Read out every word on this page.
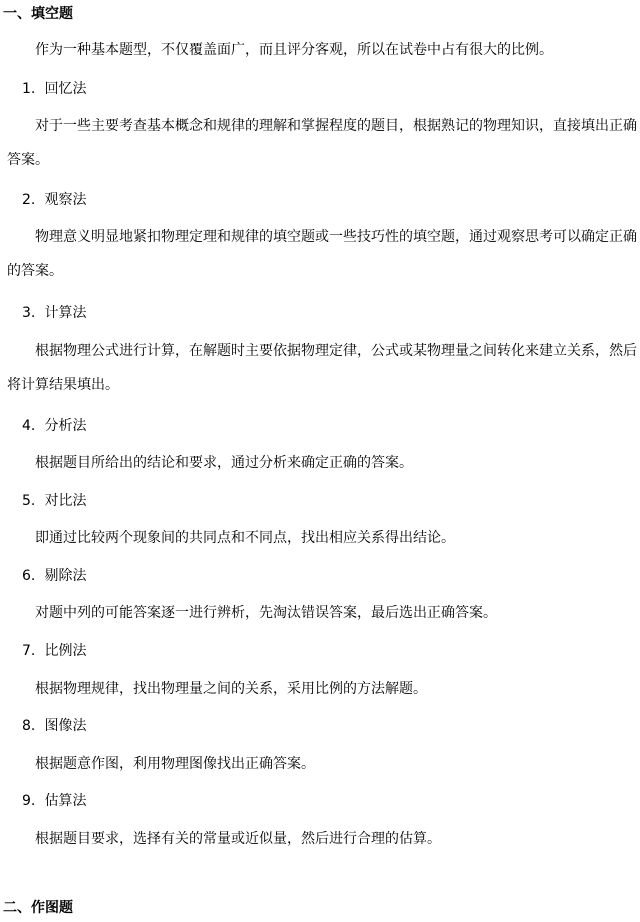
一、填空题
作为一种基本题型，不仅覆盖面广，而且评分客观，所以在试卷中占有很大的比例。
1. 回忆法
对于一些主要考查基本概念和规律的理解和掌握程度的题目，根据熟记的物理知识，直接填出正确答案。
2. 观察法
物理意义明显地紧扣物理定理和规律的填空题或一些技巧性的填空题，通过观察思考可以确定正确的答案。
3. 计算法
根据物理公式进行计算，在解题时主要依据物理定律，公式或某物理量之间转化来建立关系，然后将计算结果填出。
4. 分析法
根据题目所给出的结论和要求，通过分析来确定正确的答案。
5. 对比法
即通过比较两个现象间的共同点和不同点，找出相应关系得出结论。
6. 剔除法
对题中列的可能答案逐一进行辨析，先淘汰错误答案，最后选出正确答案。
7. 比例法
根据物理规律，找出物理量之间的关系，采用比例的方法解题。
8. 图像法
根据题意作图，利用物理图像找出正确答案。
9. 估算法
根据题目要求，选择有关的常量或近似量，然后进行合理的估算。
二、作图题
